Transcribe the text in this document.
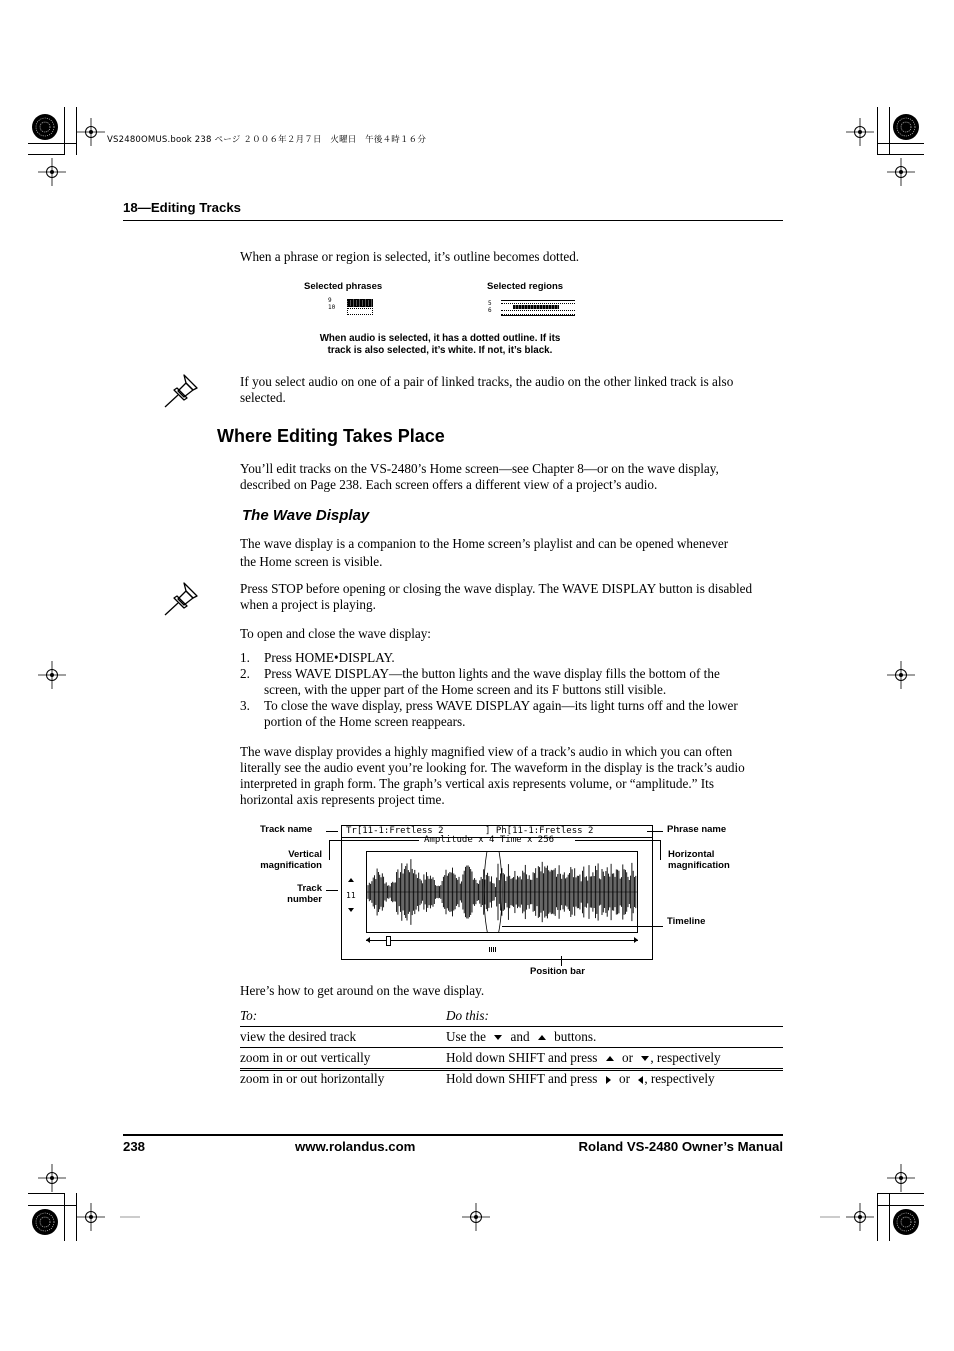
VS2480OMUS.book 238 ページ ２００６年２月７日　火曜日　午後４時１６分
18—Editing Tracks
When a phrase or region is selected, it’s outline becomes dotted.
Selected phrases	Selected regions
9
10	5
6
When audio is selected, it has a dotted outline. If its
track is also selected, it’s white. If not, it’s black.
If you select audio on one of a pair of linked tracks, the audio on the other linked track is also selected.
Where Editing Takes Place
You’ll edit tracks on the VS-2480’s Home screen—see Chapter 8—or on the wave display, described on Page 238. Each screen offers a different view of a project’s audio.
The Wave Display
The wave display is a companion to the Home screen’s playlist and can be opened whenever the Home screen is visible.
Press STOP before opening or closing the wave display. The WAVE DISPLAY button is disabled when a project is playing.
To open and close the wave display:
1. Press HOME•DISPLAY.
2. Press WAVE DISPLAY—the button lights and the wave display fills the bottom of the screen, with the upper part of the Home screen and its F buttons still visible.
3. To close the wave display, press WAVE DISPLAY again—its light turns off and the lower portion of the Home screen reappears.
The wave display provides a highly magnified view of a track’s audio in which you can often literally see the audio event you’re looking for. The waveform in the display is the track’s audio interpreted in graph form. The graph’s vertical axis represents volume, or “amplitude.” Its horizontal axis represents project time.
Track name
Vertical magnification
Track number
Phrase name
Horizontal magnification
Timeline
Position bar
Tr[11-1:Fretless 2	] Ph[11-1:Fretless 2
Amplitude x 4 Time x 256
11
Here’s how to get around on the wave display.
To:	Do this:
view the desired track	Use the and buttons.
zoom in or out vertically	Hold down SHIFT and press or , respectively
zoom in or out horizontally	Hold down SHIFT and press or , respectively
238	www.rolandus.com	Roland VS-2480 Owner’s Manual
